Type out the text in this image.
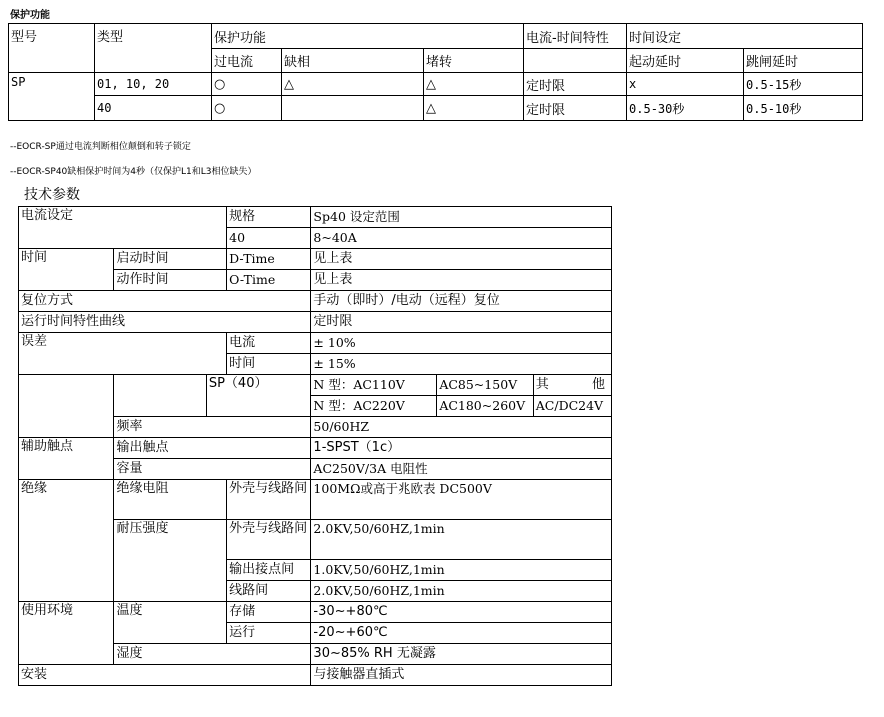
保护功能
型号	类型	保护功能			电流-时间特性	时间设定	
		过电流	缺相	堵转		起动延时	跳闸延时
SP	01, 10, 20	○	△	△	定时限	x	0.5-15秒
	40	○		△	定时限	0.5-30秒	0.5-10秒
--EOCR-SP通过电流判断相位颠倒和转子锁定
--EOCR-SP40缺相保护时间为4秒（仅保护L1和L3相位缺失）
技术参数
电流设定			规格	Sp40 设定范围		
			40	8~40A		
时间	启动时间		D-Time	见上表		
	动作时间		O-Time	见上表		
复位方式				手动（即时）/电动（远程）复位		
运行时间特性曲线				定时限		
误差			电流	± 10%		
			时间	± 15%		
		SP（40）		N 型：AC110V	AC85~150V	其 他

				N 型：AC220V	AC180~260V	AC/DC24V
	频率			50/60HZ		
辅助触点	输出触点			1-SPST（1c）		
	容量			AC250V/3A 电阻性		
绝缘	绝缘电阻		外壳与线路间	100MΩ或高于兆欧表 DC500V		
	耐压强度		外壳与线路间	2.0KV,50/60HZ,1min		
			输出接点间	1.0KV,50/60HZ,1min		
			线路间	2.0KV,50/60HZ,1min		
使用环境	温度		存储	-30~+80℃		
			运行	-20~+60℃		
	湿度			30~85% RH 无凝露		
安装				与接触器直插式		
